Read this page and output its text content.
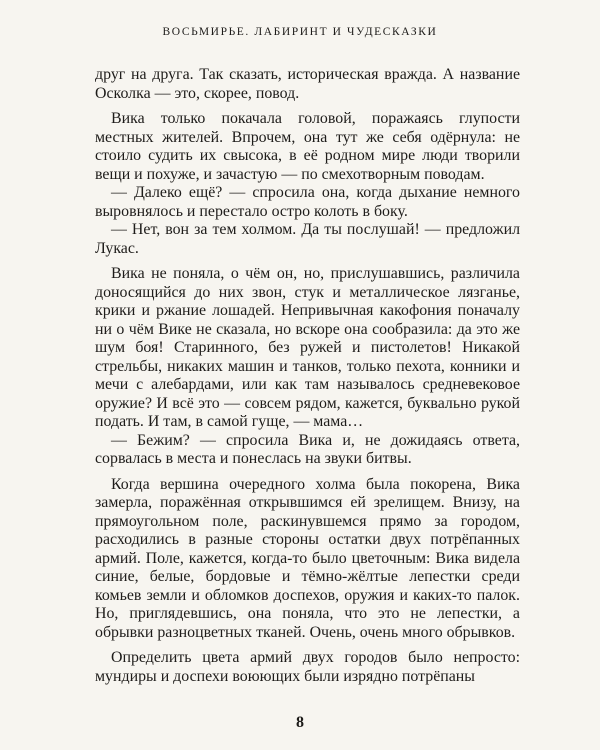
ВОСЬМИРЬЕ. ЛАБИРИНТ И ЧУДЕСКАЗКИ

друг на друга. Так сказать, историческая вражда. А название Осколка — это, скорее, повод.

Вика только покачала головой, поражаясь глупости местных жителей. Впрочем, она тут же себя одёрнула: не стоило судить их свысока, в её родном мире люди творили вещи и похуже, и зачастую — по смехотворным поводам.

— Далеко ещё? — спросила она, когда дыхание немного выровнялось и перестало остро колоть в боку.

— Нет, вон за тем холмом. Да ты послушай! — предложил Лукас.

Вика не поняла, о чём он, но, прислушавшись, различила доносящийся до них звон, стук и металлическое лязганье, крики и ржание лошадей. Непривычная какофония поначалу ни о чём Вике не сказала, но вскоре она сообразила: да это же шум боя! Старинного, без ружей и пистолетов! Никакой стрельбы, никаких машин и танков, только пехота, конники и мечи с алебардами, или как там называлось средневековое оружие? И всё это — совсем рядом, кажется, буквально рукой подать. И там, в самой гуще, — мама…

— Бежим? — спросила Вика и, не дожидаясь ответа, сорвалась в места и понеслась на звуки битвы.

Когда вершина очередного холма была покорена, Вика замерла, поражённая открывшимся ей зрелищем. Внизу, на прямоугольном поле, раскинувшемся прямо за городом, расходились в разные стороны остатки двух потрёпанных армий. Поле, кажется, когда-то было цветочным: Вика видела синие, белые, бордовые и тёмно-жёлтые лепестки среди комьев земли и обломков доспехов, оружия и каких-то палок. Но, приглядевшись, она поняла, что это не лепестки, а обрывки разноцветных тканей. Очень, очень много обрывков.

Определить цвета армий двух городов было непросто: мундиры и доспехи воюющих были изрядно потрёпаны

8
